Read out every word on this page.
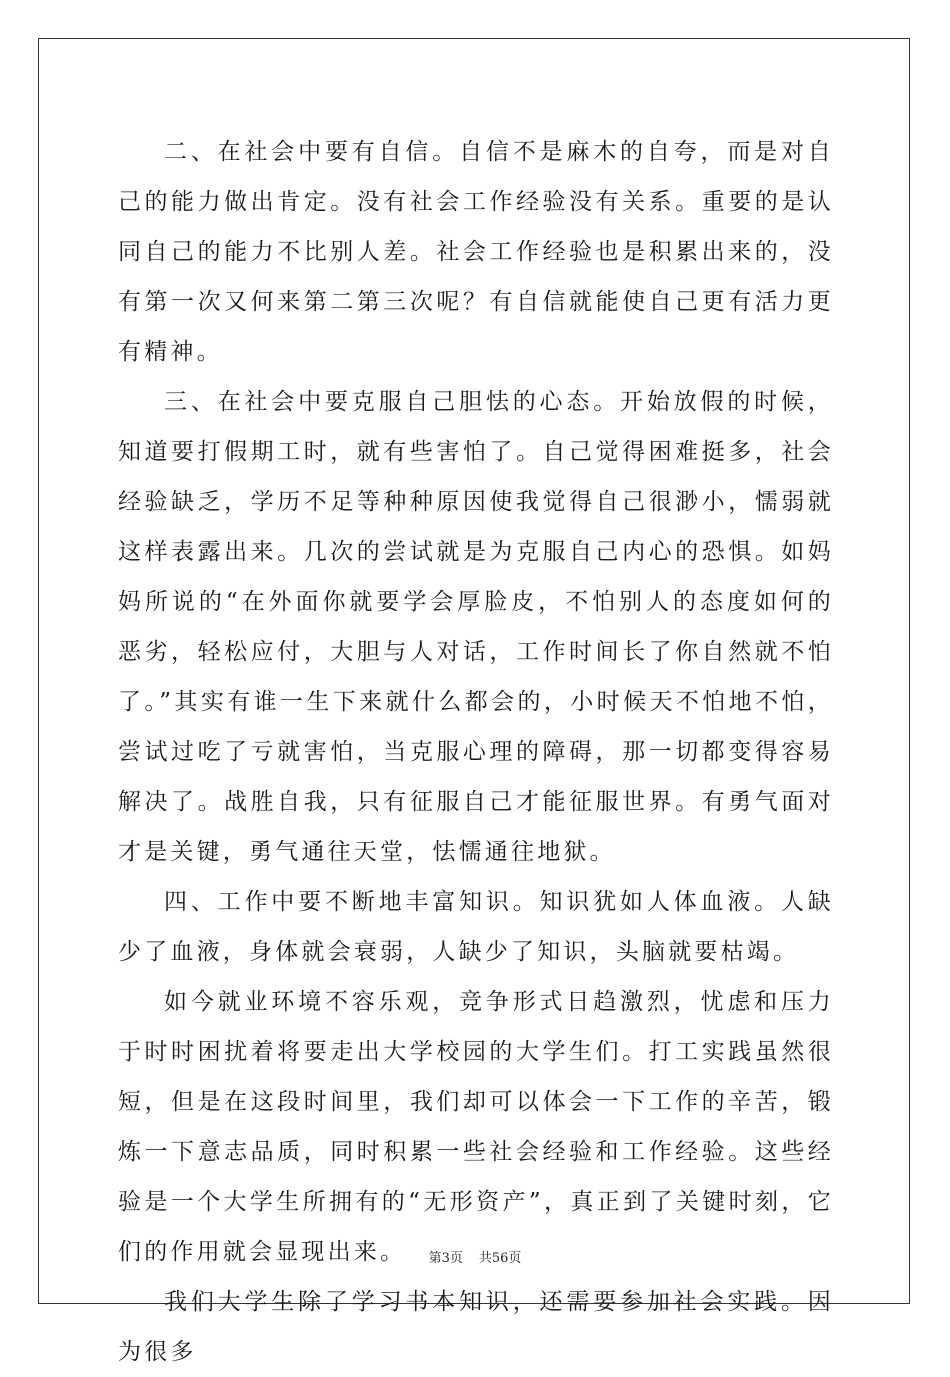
二、在社会中要有自信。自信不是麻木的自夸，而是对自己的能力做出肯定。没有社会工作经验没有关系。重要的是认同自己的能力不比别人差。社会工作经验也是积累出来的，没有第一次又何来第二第三次呢？有自信就能使自己更有活力更有精神。

三、在社会中要克服自己胆怯的心态。开始放假的时候，知道要打假期工时，就有些害怕了。自己觉得困难挺多，社会经验缺乏，学历不足等种种原因使我觉得自己很渺小，懦弱就这样表露出来。几次的尝试就是为克服自己内心的恐惧。如妈妈所说的“在外面你就要学会厚脸皮，不怕别人的态度如何的恶劣，轻松应付，大胆与人对话，工作时间长了你自然就不怕了。”其实有谁一生下来就什么都会的，小时候天不怕地不怕，尝试过吃了亏就害怕，当克服心理的障碍，那一切都变得容易解决了。战胜自我，只有征服自己才能征服世界。有勇气面对才是关键，勇气通往天堂，怯懦通往地狱。

四、工作中要不断地丰富知识。知识犹如人体血液。人缺少了血液，身体就会衰弱，人缺少了知识，头脑就要枯竭。

如今就业环境不容乐观，竞争形式日趋激烈，忧虑和压力于时时困扰着将要走出大学校园的大学生们。打工实践虽然很短，但是在这段时间里，我们却可以体会一下工作的辛苦，锻炼一下意志品质，同时积累一些社会经验和工作经验。这些经验是一个大学生所拥有的“无形资产”，真正到了关键时刻，它们的作用就会显现出来。

我们大学生除了学习书本知识，还需要参加社会实践。因为很多

第3页 共56页
